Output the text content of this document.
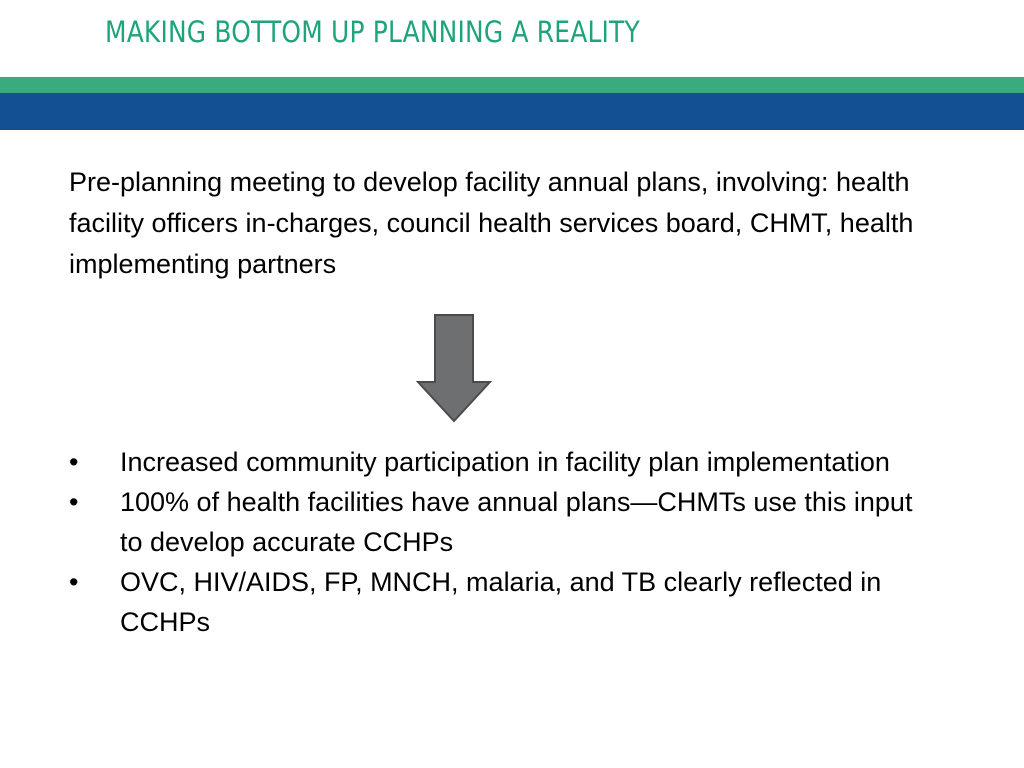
MAKING BOTTOM UP PLANNING A REALITY

Pre-planning meeting to develop facility annual plans, involving: health facility officers in-charges, council health services board, CHMT, health implementing partners

• Increased community participation in facility plan implementation
• 100% of health facilities have annual plans—CHMTs use this input to develop accurate CCHPs
• OVC, HIV/AIDS, FP, MNCH, malaria, and TB clearly reflected in CCHPs
